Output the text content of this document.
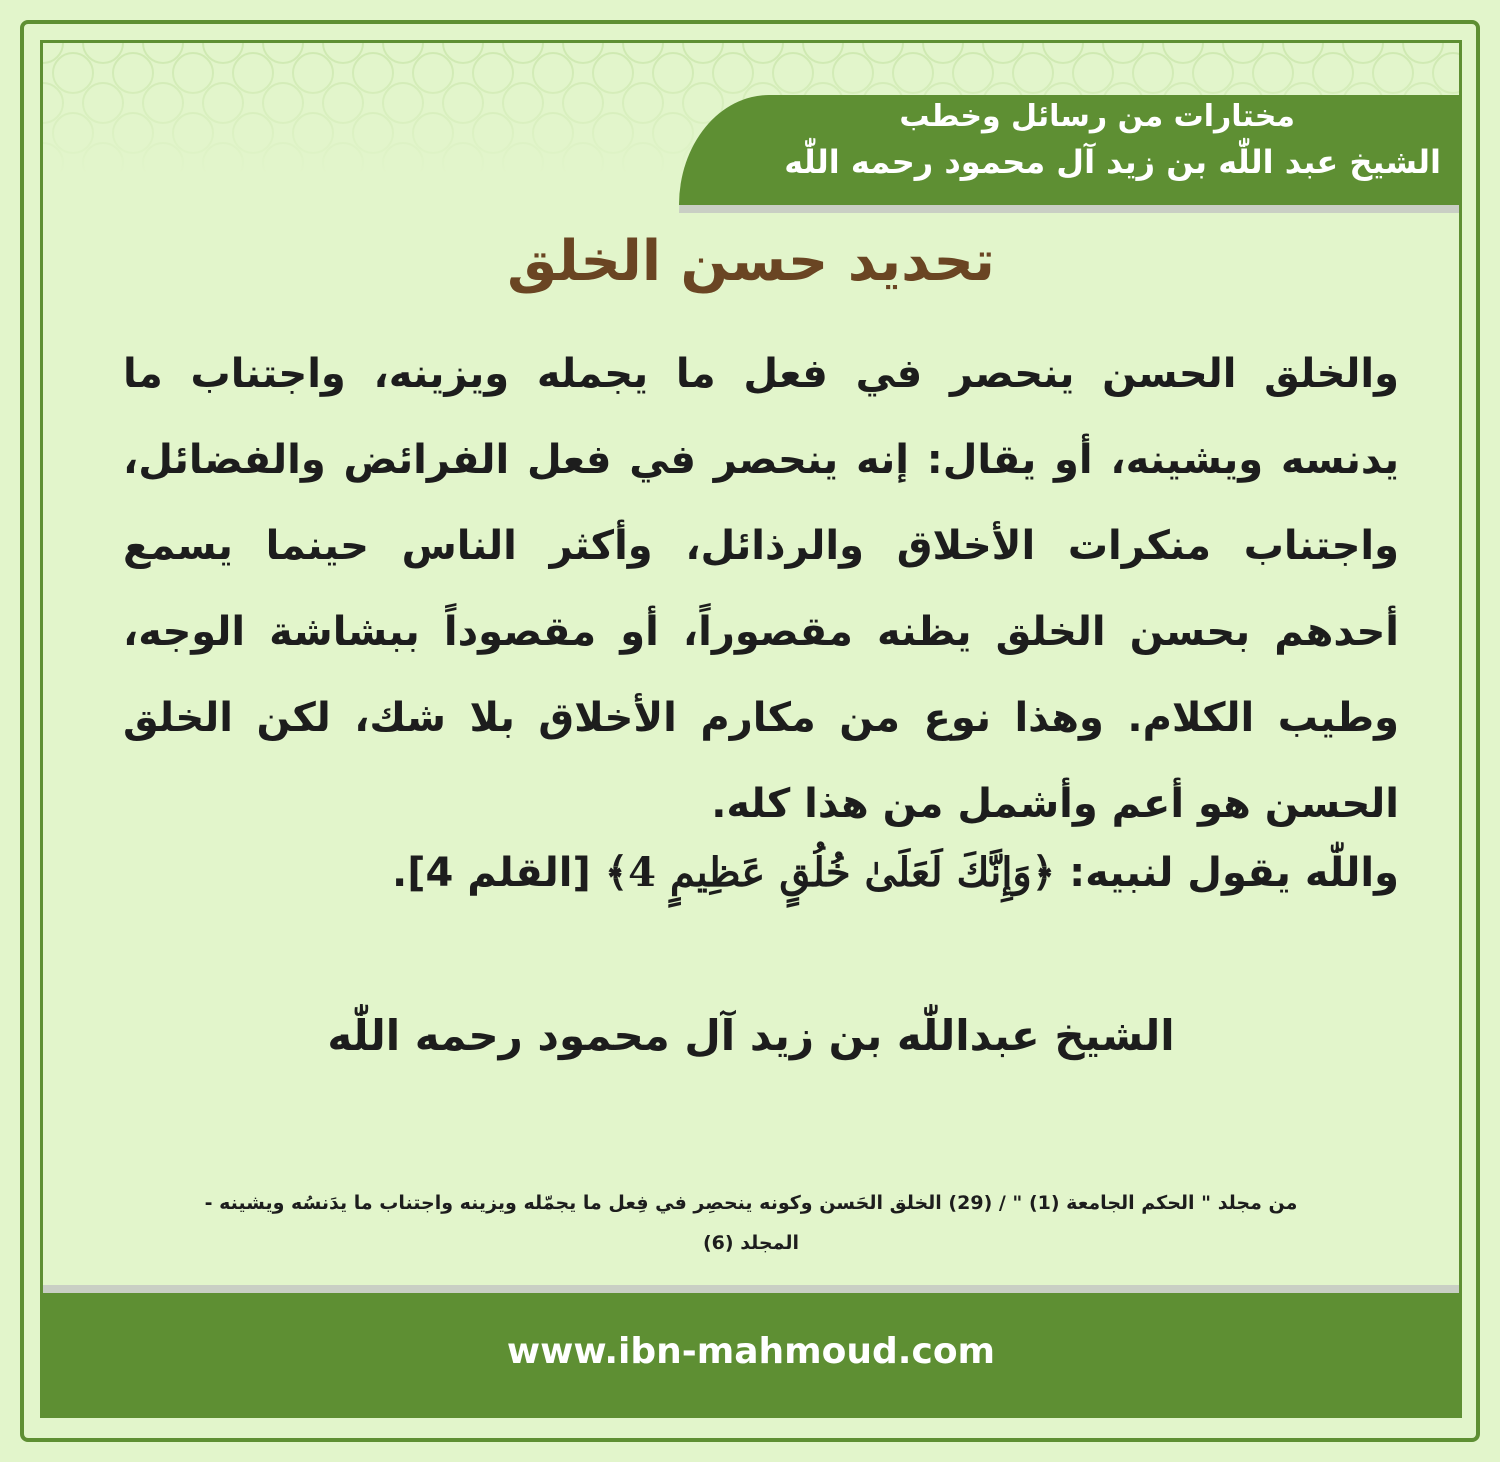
مختارات من رسائل وخطب
الشيخ عبد اللّٰه بن زيد آل محمود رحمه اللّٰه
تحديد حسن الخلق
والخلق الحسن ينحصر في فعل ما يجمله ويزينه، واجتناب ما يدنسه ويشينه، أو يقال: إنه ينحصر في فعل الفرائض والفضائل، واجتناب منكرات الأخلاق والرذائل، وأكثر الناس حينما يسمع أحدهم بحسن الخلق يظنه مقصوراً، أو مقصوداً ببشاشة الوجه، وطيب الكلام. وهذا نوع من مكارم الأخلاق بلا شك، لكن الخلق الحسن هو أعم وأشمل من هذا كله.
واللّٰه يقول لنبيه: ﴿وَإِنَّكَ لَعَلَىٰ خُلُقٍ عَظِيمٍ 4﴾ [القلم 4].
الشيخ عبداللّٰه بن زيد آل محمود رحمه اللّٰه
من مجلد " الحكم الجامعة (1) " / (29) الخلق الحَسن وكونه ينحصِر في فِعل ما يجمّله ويزينه واجتناب ما يدَنسُه ويشينه -
المجلد (6)
www.ibn-mahmoud.com
